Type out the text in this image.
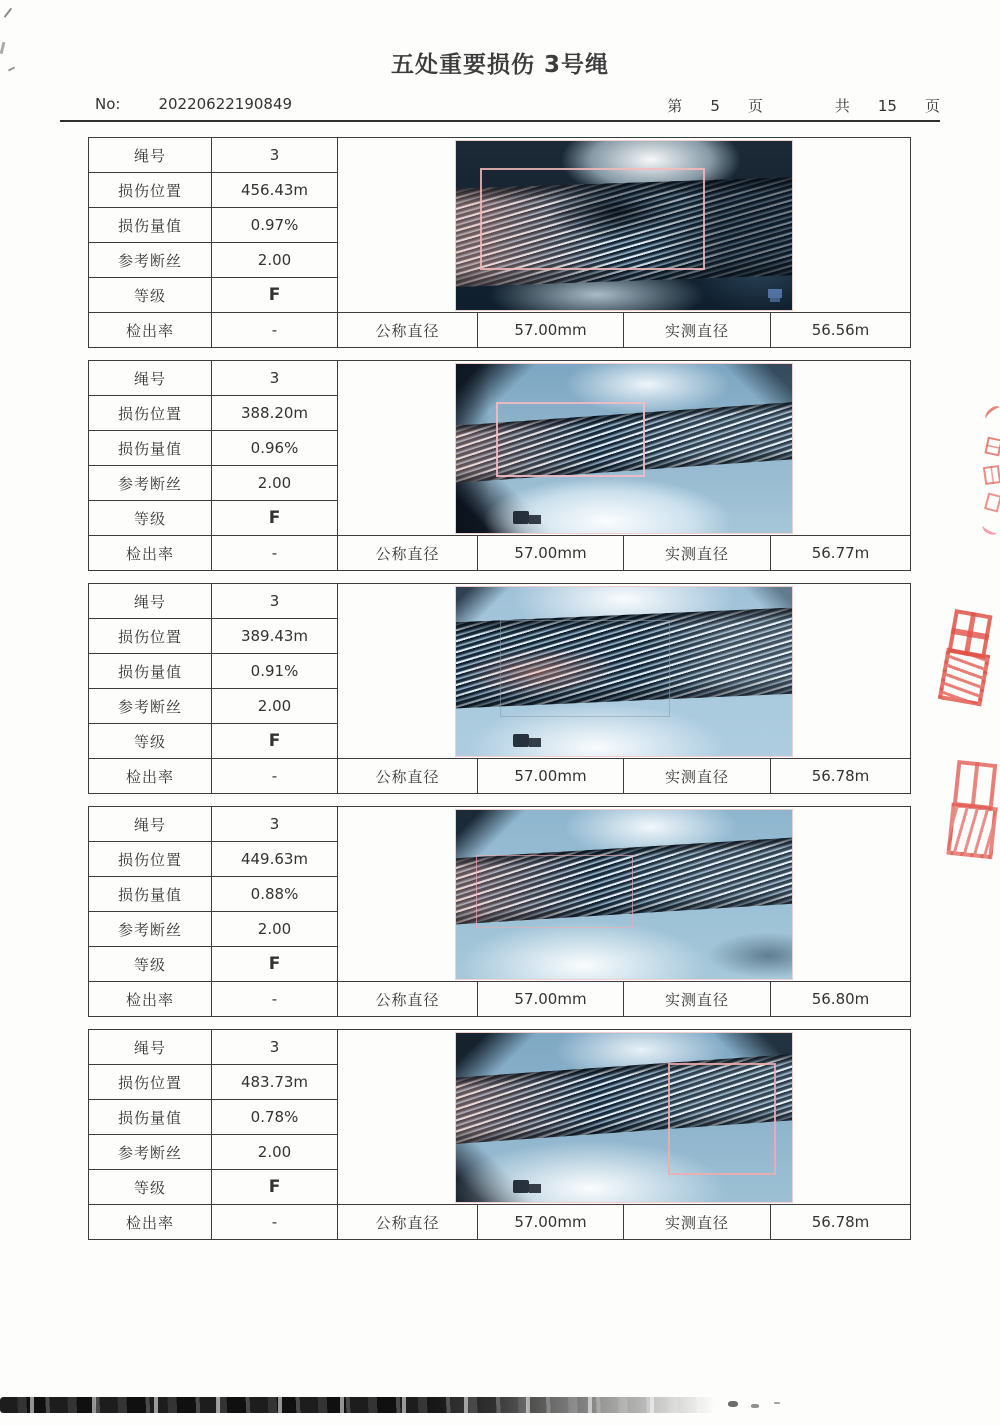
五处重要损伤 3号绳
No:	20220622190849	第 5 页	共 15 页
绳号	3
损伤位置	456.43m
损伤量值	0.97%
参考断丝	2.00
等级	F
检出率	-	公称直径	57.00mm	实测直径	56.56m
绳号	3
损伤位置	388.20m
损伤量值	0.96%
参考断丝	2.00
等级	F
检出率	-	公称直径	57.00mm	实测直径	56.77m
绳号	3
损伤位置	389.43m
损伤量值	0.91%
参考断丝	2.00
等级	F
检出率	-	公称直径	57.00mm	实测直径	56.78m
绳号	3
损伤位置	449.63m
损伤量值	0.88%
参考断丝	2.00
等级	F
检出率	-	公称直径	57.00mm	实测直径	56.80m
绳号	3
损伤位置	483.73m
损伤量值	0.78%
参考断丝	2.00
等级	F
检出率	-	公称直径	57.00mm	实测直径	56.78m
